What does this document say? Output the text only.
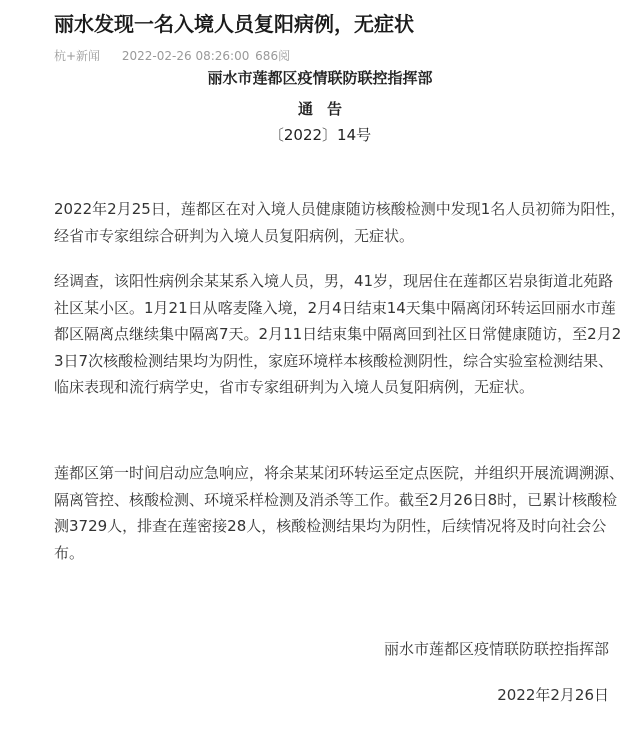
丽水发现一名入境人员复阳病例，无症状
杭+新闻 2022-02-26 08:26:00 686阅
丽水市莲都区疫情联防联控指挥部
通告
〔2022〕14号

2022年2月25日，莲都区在对入境人员健康随访核酸检测中发现1名人员初筛为阳性，经省市专家组综合研判为入境人员复阳病例，无症状。

经调查，该阳性病例余某某系入境人员，男，41岁，现居住在莲都区岩泉街道北苑路社区某小区。1月21日从喀麦隆入境，2月4日结束14天集中隔离闭环转运回丽水市莲都区隔离点继续集中隔离7天。2月11日结束集中隔离回到社区日常健康随访，至2月23日7次核酸检测结果均为阴性，家庭环境样本核酸检测阴性，综合实验室检测结果、临床表现和流行病学史，省市专家组研判为入境人员复阳病例，无症状。

莲都区第一时间启动应急响应，将余某某闭环转运至定点医院，并组织开展流调溯源、隔离管控、核酸检测、环境采样检测及消杀等工作。截至2月26日8时，已累计核酸检测3729人，排查在莲密接28人，核酸检测结果均为阴性，后续情况将及时向社会公布。

丽水市莲都区疫情联防联控指挥部
2022年2月26日
